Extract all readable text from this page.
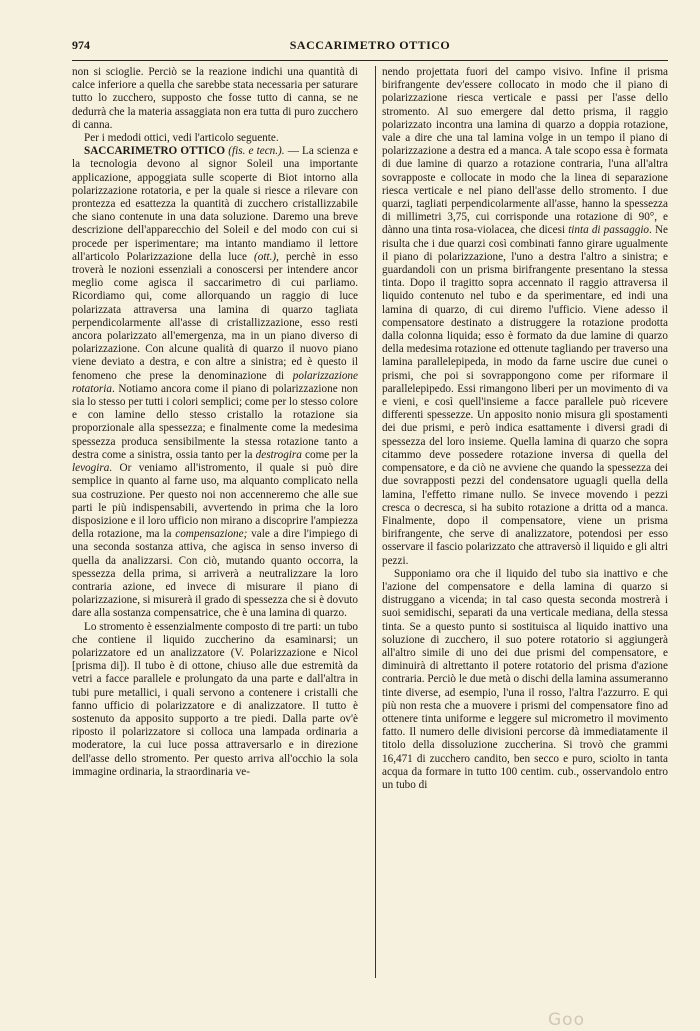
974	SACCARIMETRO OTTICO

non si scioglie. Perciò se la reazione indichi una quantità di calce inferiore a quella che sarebbe stata necessaria per saturare tutto lo zucchero, supposto che fosse tutto di canna, se ne dedurrà che la materia assaggiata non era tutta di puro zucchero di canna.

Per i medodi ottici, vedi l'articolo seguente.

SACCARIMETRO OTTICO (fis. e tecn.). — La scienza e la tecnologia devono al signor Soleil una importante applicazione, appoggiata sulle scoperte di Biot intorno alla polarizzazione rotatoria, e per la quale si riesce a rilevare con prontezza ed esattezza la quantità di zucchero cristallizzabile che siano contenute in una data soluzione. Daremo una breve descrizione dell'apparecchio del Soleil e del modo con cui si procede per isperimentare; ma intanto mandiamo il lettore all'articolo Polarizzazione della luce (ott.), perchè in esso troverà le nozioni essenziali a conoscersi per intendere ancor meglio come agisca il saccarimetro di cui parliamo. Ricordiamo qui, come allorquando un raggio di luce polarizzata attraversa una lamina di quarzo tagliata perpendicolarmente all'asse di cristallizzazione, esso resti ancora polarizzato all'emergenza, ma in un piano diverso di polarizzazione. Con alcune qualità di quarzo il nuovo piano viene deviato a destra, e con altre a sinistra; ed è questo il fenomeno che prese la denominazione di polarizzazione rotatoria. Notiamo ancora come il piano di polarizzazione non sia lo stesso per tutti i colori semplici; come per lo stesso colore e con lamine dello stesso cristallo la rotazione sia proporzionale alla spessezza; e finalmente come la medesima spessezza produca sensibilmente la stessa rotazione tanto a destra come a sinistra, ossia tanto per la destrogira come per la levogira. Or veniamo all'istromento, il quale si può dire semplice in quanto al farne uso, ma alquanto complicato nella sua costruzione. Per questo noi non accenneremo che alle sue parti le più indispensabili, avvertendo in prima che la loro disposizione e il loro ufficio non mirano a discoprire l'ampiezza della rotazione, ma la compensazione; vale a dire l'impiego di una seconda sostanza attiva, che agisca in senso inverso di quella da analizzarsi. Con ciò, mutando quanto occorra, la spessezza della prima, si arriverà a neutralizzare la loro contraria azione, ed invece di misurare il piano di polarizzazione, si misurerà il grado di spessezza che si è dovuto dare alla sostanza compensatrice, che è una lamina di quarzo.

Lo stromento è essenzialmente composto di tre parti: un tubo che contiene il liquido zuccherino da esaminarsi; un polarizzatore ed un analizzatore (V. Polarizzazione e Nicol [prisma di]). Il tubo è di ottone, chiuso alle due estremità da vetri a facce parallele e prolungato da una parte e dall'altra in tubi pure metallici, i quali servono a contenere i cristalli che fanno ufficio di polarizzatore e di analizzatore. Il tutto è sostenuto da apposito supporto a tre piedi. Dalla parte ov'è riposto il polarizzatore si colloca una lampada ordinaria a moderatore, la cui luce possa attraversarlo e in direzione dell'asse dello stromento. Per questo arriva all'occhio la sola immagine ordinaria, la straordinaria ve-

nendo projettata fuori del campo visivo. Infine il prisma birifrangente dev'essere collocato in modo che il piano di polarizzazione riesca verticale e passi per l'asse dello stromento. Al suo emergere dal detto prisma, il raggio polarizzato incontra una lamina di quarzo a doppia rotazione, vale a dire che una tal lamina volge in un tempo il piano di polarizzazione a destra ed a manca. A tale scopo essa è formata di due lamine di quarzo a rotazione contraria, l'una all'altra sovrapposte e collocate in modo che la linea di separazione riesca verticale e nel piano dell'asse dello stromento. I due quarzi, tagliati perpendicolarmente all'asse, hanno la spessezza di millimetri 3,75, cui corrisponde una rotazione di 90°, e dànno una tinta rosa-violacea, che dicesi tinta di passaggio. Ne risulta che i due quarzi così combinati fanno girare ugualmente il piano di polarizzazione, l'uno a destra l'altro a sinistra; e guardandoli con un prisma birifrangente presentano la stessa tinta. Dopo il tragitto sopra accennato il raggio attraversa il liquido contenuto nel tubo e da sperimentare, ed indi una lamina di quarzo, di cui diremo l'ufficio. Viene adesso il compensatore destinato a distruggere la rotazione prodotta dalla colonna liquida; esso è formato da due lamine di quarzo della medesima rotazione ed ottenute tagliando per traverso una lamina parallelepipeda, in modo da farne uscire due cunei o prismi, che poi si sovrappongono come per riformare il parallelepipedo. Essi rimangono liberi per un movimento di va e vieni, e così quell'insieme a facce parallele può ricevere differenti spessezze. Un apposito nonio misura gli spostamenti dei due prismi, e però indica esattamente i diversi gradi di spessezza del loro insieme. Quella lamina di quarzo che sopra citammo deve possedere rotazione inversa di quella del compensatore, e da ciò ne avviene che quando la spessezza dei due sovrapposti pezzi del condensatore uguagli quella della lamina, l'effetto rimane nullo. Se invece movendo i pezzi cresca o decresca, si ha subito rotazione a dritta od a manca. Finalmente, dopo il compensatore, viene un prisma birifrangente, che serve di analizzatore, potendosi per esso osservare il fascio polarizzato che attraversò il liquido e gli altri pezzi.

Supponiamo ora che il liquido del tubo sia inattivo e che l'azione del compensatore e della lamina di quarzo si distruggano a vicenda; in tal caso questa seconda mostrerà i suoi semidischi, separati da una verticale mediana, della stessa tinta. Se a questo punto si sostituisca al liquido inattivo una soluzione di zucchero, il suo potere rotatorio si aggiungerà all'altro simile di uno dei due prismi del compensatore, e diminuirà di altrettanto il potere rotatorio del prisma d'azione contraria. Perciò le due metà o dischi della lamina assumeranno tinte diverse, ad esempio, l'una il rosso, l'altra l'azzurro. E qui più non resta che a muovere i prismi del compensatore fino ad ottenere tinta uniforme e leggere sul micrometro il movimento fatto. Il numero delle divisioni percorse dà immediatamente il titolo della dissoluzione zuccherina. Si trovò che grammi 16,471 di zucchero candito, ben secco e puro, sciolto in tanta acqua da formare in tutto 100 centim. cub., osservandolo entro un tubo di

Goo
